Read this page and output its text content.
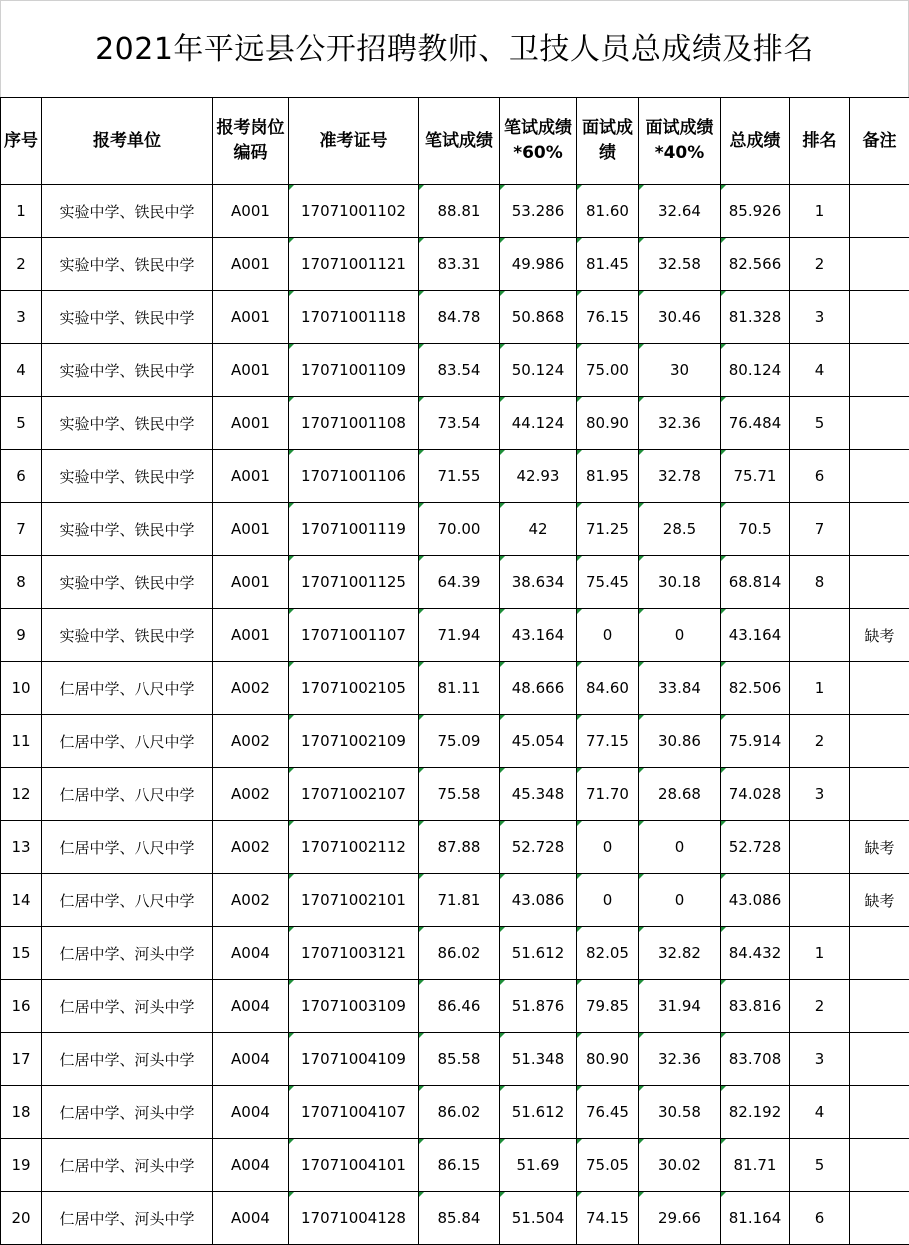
2021年平远县公开招聘教师、卫技人员总成绩及排名
序号	报考单位	报考岗位编码	准考证号	笔试成绩	笔试成绩*60%	面试成绩	面试成绩*40%	总成绩	排名	备注
1	实验中学、铁民中学	A001	17071001102	88.81	53.286	81.60	32.64	85.926	1	
2	实验中学、铁民中学	A001	17071001121	83.31	49.986	81.45	32.58	82.566	2	
3	实验中学、铁民中学	A001	17071001118	84.78	50.868	76.15	30.46	81.328	3	
4	实验中学、铁民中学	A001	17071001109	83.54	50.124	75.00	30	80.124	4	
5	实验中学、铁民中学	A001	17071001108	73.54	44.124	80.90	32.36	76.484	5	
6	实验中学、铁民中学	A001	17071001106	71.55	42.93	81.95	32.78	75.71	6	
7	实验中学、铁民中学	A001	17071001119	70.00	42	71.25	28.5	70.5	7	
8	实验中学、铁民中学	A001	17071001125	64.39	38.634	75.45	30.18	68.814	8	
9	实验中学、铁民中学	A001	17071001107	71.94	43.164	0	0	43.164		缺考
10	仁居中学、八尺中学	A002	17071002105	81.11	48.666	84.60	33.84	82.506	1	
11	仁居中学、八尺中学	A002	17071002109	75.09	45.054	77.15	30.86	75.914	2	
12	仁居中学、八尺中学	A002	17071002107	75.58	45.348	71.70	28.68	74.028	3	
13	仁居中学、八尺中学	A002	17071002112	87.88	52.728	0	0	52.728		缺考
14	仁居中学、八尺中学	A002	17071002101	71.81	43.086	0	0	43.086		缺考
15	仁居中学、河头中学	A004	17071003121	86.02	51.612	82.05	32.82	84.432	1	
16	仁居中学、河头中学	A004	17071003109	86.46	51.876	79.85	31.94	83.816	2	
17	仁居中学、河头中学	A004	17071004109	85.58	51.348	80.90	32.36	83.708	3	
18	仁居中学、河头中学	A004	17071004107	86.02	51.612	76.45	30.58	82.192	4	
19	仁居中学、河头中学	A004	17071004101	86.15	51.69	75.05	30.02	81.71	5	
20	仁居中学、河头中学	A004	17071004128	85.84	51.504	74.15	29.66	81.164	6	
